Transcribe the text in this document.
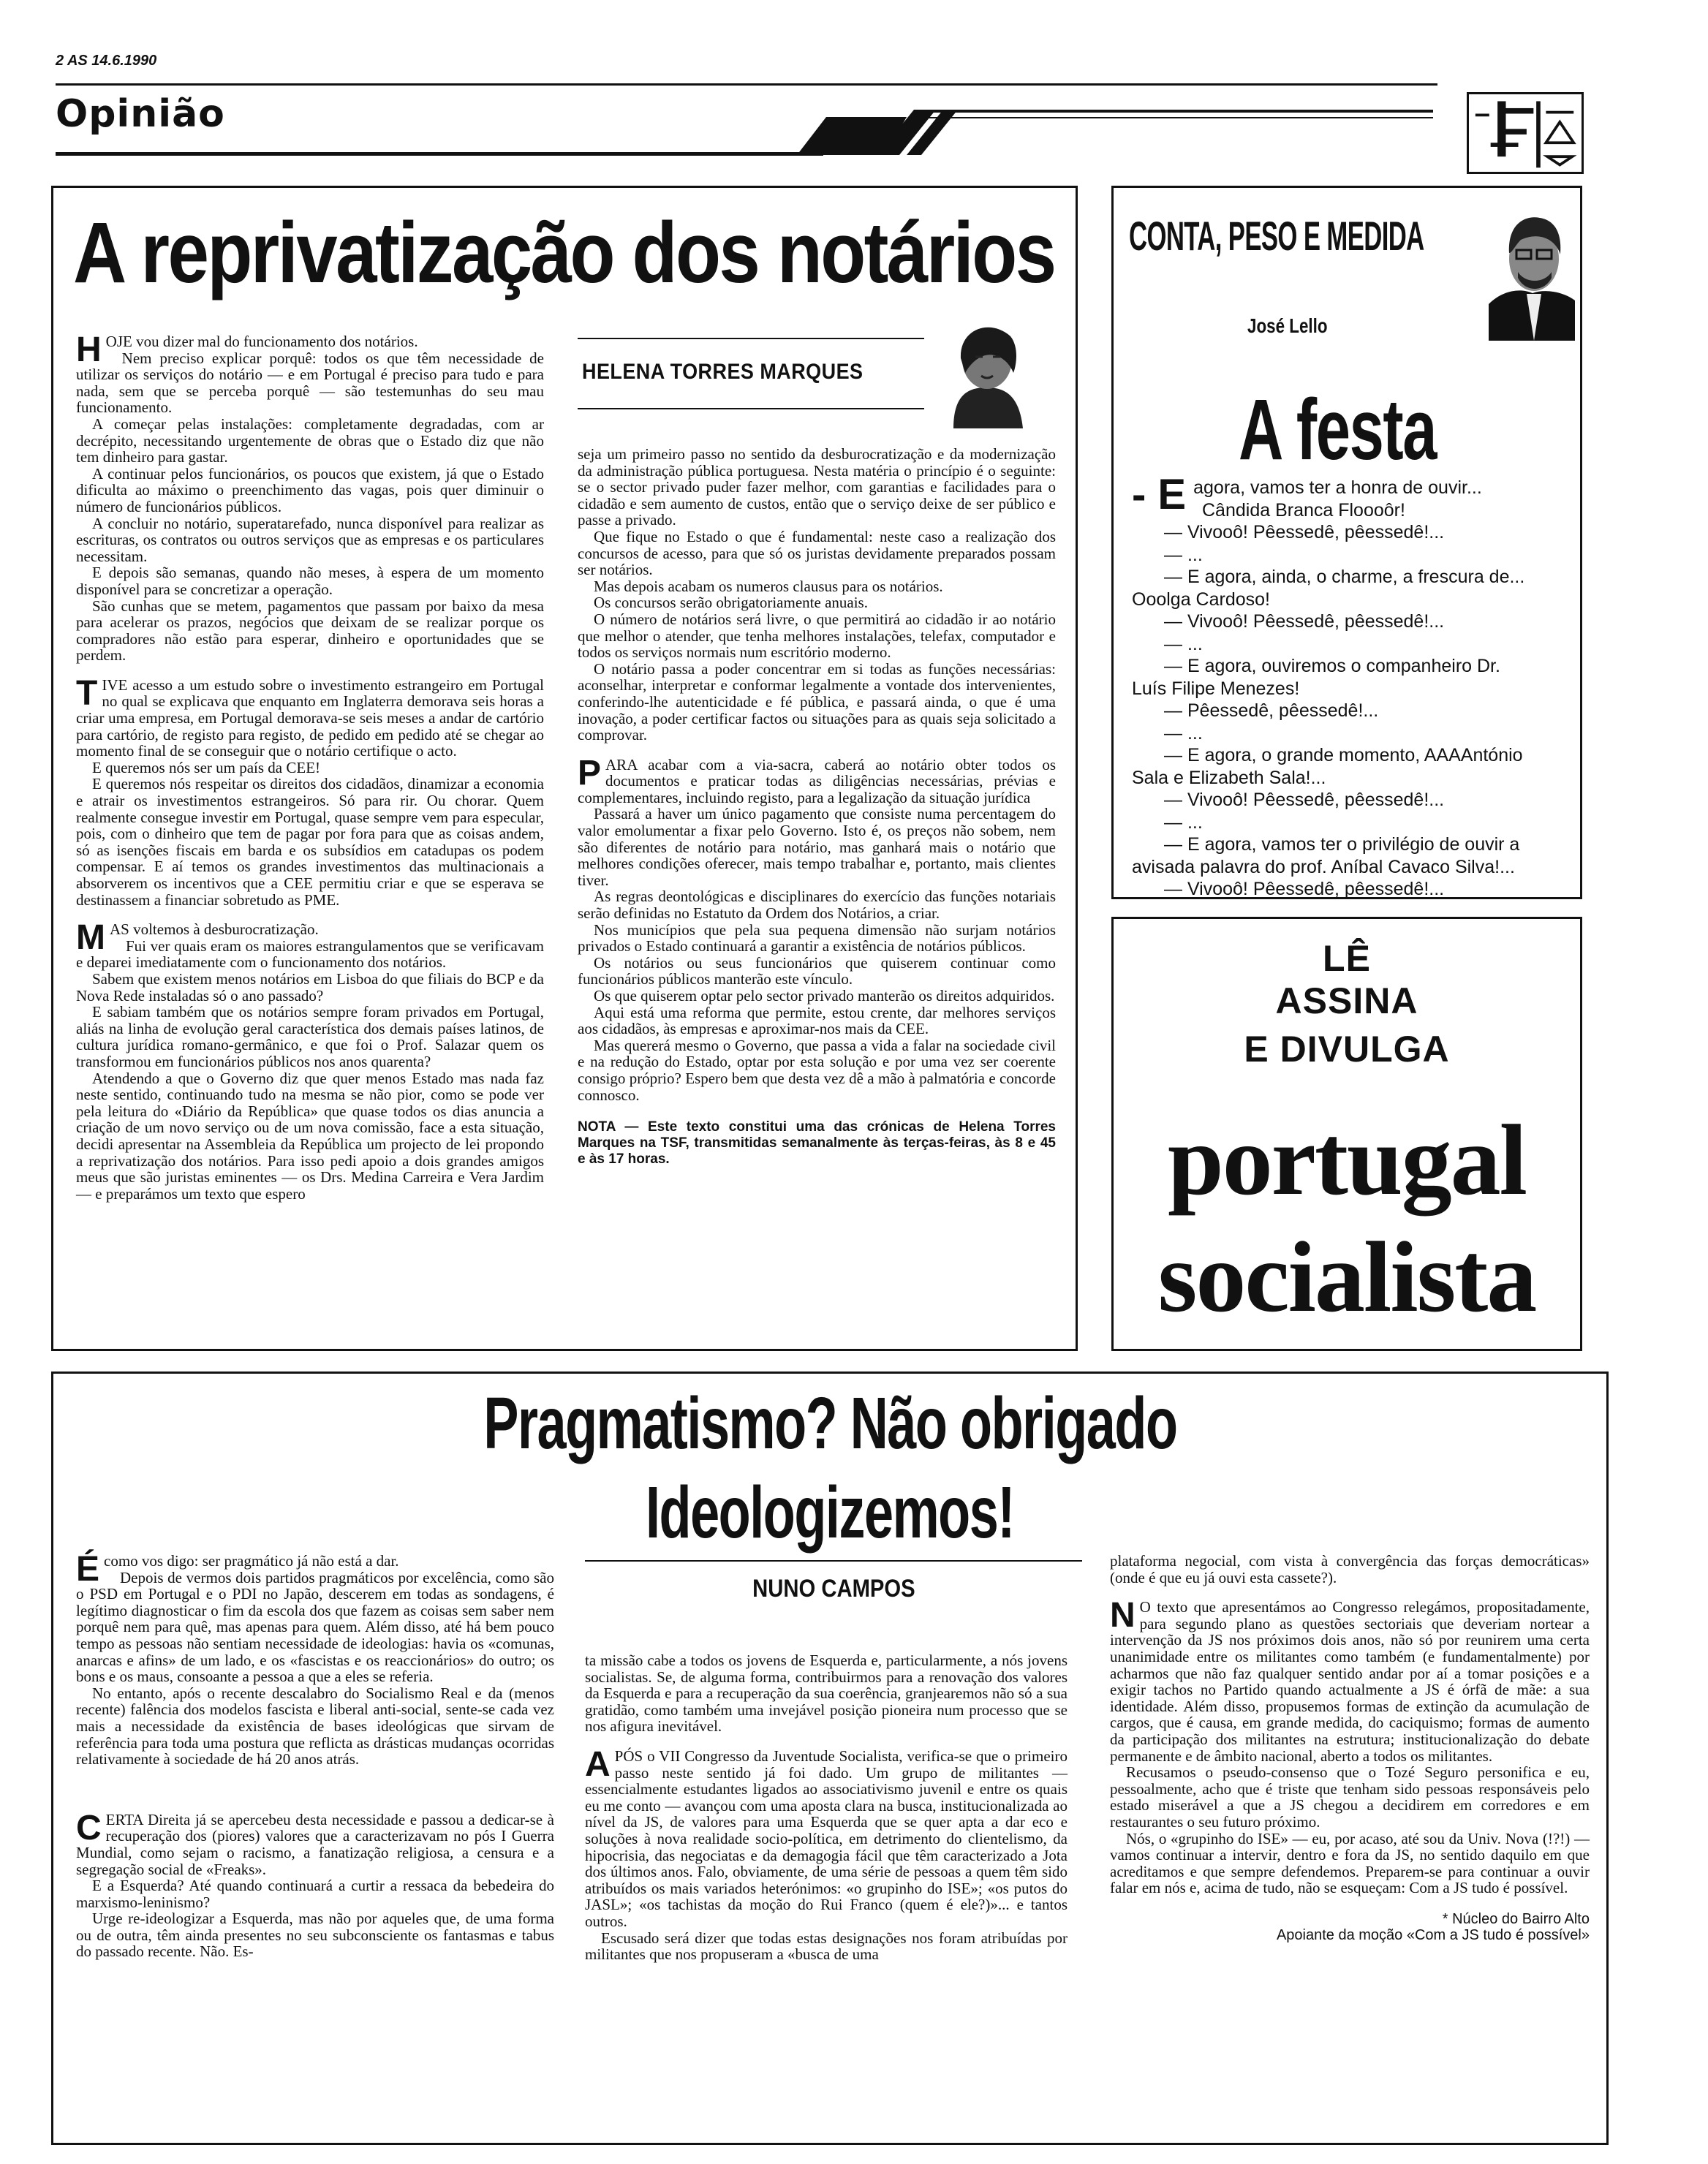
2 AS 14.6.1990
Opinião
A reprivatização dos notários

HOJE vou dizer mal do funcionamento dos notários.

Nem preciso explicar porquê: todos os que têm necessidade de utilizar os serviços do notário — e em Portugal é preciso para tudo e para nada, sem que se perceba porquê — são testemunhas do seu mau funcionamento.

A começar pelas instalações: completamente degradadas, com ar decrépito, necessitando urgentemente de obras que o Estado diz que não tem dinheiro para gastar.

A continuar pelos funcionários, os poucos que existem, já que o Estado dificulta ao máximo o preenchimento das vagas, pois quer diminuir o número de funcionários públicos.

A concluir no notário, superatarefado, nunca disponível para realizar as escrituras, os contratos ou outros serviços que as empresas e os particulares necessitam.

E depois são semanas, quando não meses, à espera de um momento disponível para se concretizar a operação.

São cunhas que se metem, pagamentos que passam por baixo da mesa para acelerar os prazos, negócios que deixam de se realizar porque os compradores não estão para esperar, dinheiro e oportunidades que se perdem.

TIVE acesso a um estudo sobre o investimento estrangeiro em Portugal no qual se explicava que enquanto em Inglaterra demorava seis horas a criar uma empresa, em Portugal demorava-se seis meses a andar de cartório para cartório, de registo para registo, de pedido em pedido até se chegar ao momento final de se conseguir que o notário certifique o acto.

E queremos nós ser um país da CEE!

E queremos nós respeitar os direitos dos cidadãos, dinamizar a economia e atrair os investimentos estrangeiros. Só para rir. Ou chorar. Quem realmente consegue investir em Portugal, quase sempre vem para especular, pois, com o dinheiro que tem de pagar por fora para que as coisas andem, só as isenções fiscais em barda e os subsídios em catadupas os podem compensar. E aí temos os grandes investimentos das multinacionais a absorverem os incentivos que a CEE permitiu criar e que se esperava se destinassem a financiar sobretudo as PME.

MAS voltemos à desburocratização.

Fui ver quais eram os maiores estrangulamentos que se verificavam e deparei imediatamente com o funcionamento dos notários.

Sabem que existem menos notários em Lisboa do que filiais do BCP e da Nova Rede instaladas só o ano passado?

E sabiam também que os notários sempre foram privados em Portugal, aliás na linha de evolução geral característica dos demais países latinos, de cultura jurídica romano-germânico, e que foi o Prof. Salazar quem os transformou em funcionários públicos nos anos quarenta?

Atendendo a que o Governo diz que quer menos Estado mas nada faz neste sentido, continuando tudo na mesma se não pior, como se pode ver pela leitura do «Diário da República» que quase todos os dias anuncia a criação de um novo serviço ou de um nova comissão, face a esta situação, decidi apresentar na Assembleia da República um projecto de lei propondo a reprivatização dos notários. Para isso pedi apoio a dois grandes amigos meus que são juristas eminentes — os Drs. Medina Carreira e Vera Jardim — e preparámos um texto que espero

HELENA TORRES MARQUES

seja um primeiro passo no sentido da desburocratização e da modernização da administração pública portuguesa. Nesta matéria o princípio é o seguinte: se o sector privado puder fazer melhor, com garantias e facilidades para o cidadão e sem aumento de custos, então que o serviço deixe de ser público e passe a privado.

Que fique no Estado o que é fundamental: neste caso a realização dos concursos de acesso, para que só os juristas devidamente preparados possam ser notários.

Mas depois acabam os numeros clausus para os notários.

Os concursos serão obrigatoriamente anuais.

O número de notários será livre, o que permitirá ao cidadão ir ao notário que melhor o atender, que tenha melhores instalações, telefax, computador e todos os serviços normais num escritório moderno.

O notário passa a poder concentrar em si todas as funções necessárias: aconselhar, interpretar e conformar legalmente a vontade dos intervenientes, conferindo-lhe autenticidade e fé pública, e passará ainda, o que é uma inovação, a poder certificar factos ou situações para as quais seja solicitado a comprovar.

PARA acabar com a via-sacra, caberá ao notário obter todos os documentos e praticar todas as diligências necessárias, prévias e complementares, incluindo registo, para a legalização da situação jurídica

Passará a haver um único pagamento que consiste numa percentagem do valor emolumentar a fixar pelo Governo. Isto é, os preços não sobem, nem são diferentes de notário para notário, mas ganhará mais o notário que melhores condições oferecer, mais tempo trabalhar e, portanto, mais clientes tiver.

As regras deontológicas e disciplinares do exercício das funções notariais serão definidas no Estatuto da Ordem dos Notários, a criar.

Nos municípios que pela sua pequena dimensão não surjam notários privados o Estado continuará a garantir a existência de notários públicos.

Os notários ou seus funcionários que quiserem continuar como funcionários públicos manterão este vínculo.

Os que quiserem optar pelo sector privado manterão os direitos adquiridos.

Aqui está uma reforma que permite, estou crente, dar melhores serviços aos cidadãos, às empresas e aproximar-nos mais da CEE.

Mas quererá mesmo o Governo, que passa a vida a falar na sociedade civil e na redução do Estado, optar por esta solução e por uma vez ser coerente consigo próprio? Espero bem que desta vez dê a mão à palmatória e concorde connosco.

NOTA — Este texto constitui uma das crónicas de Helena Torres Marques na TSF, transmitidas semanalmente às terças-feiras, às 8 e 45 e às 17 horas.

CONTA, PESO E MEDIDA
José Lello
A festa
- E agora, vamos ter a honra de ouvir...
Cândida Branca Floooôr!
— Vivooô! Pêessedê, pêessedê!...
— ...
— E agora, ainda, o charme, a frescura de...
Ooolga Cardoso!
— Vivooô! Pêessedê, pêessedê!...
— ...
— E agora, ouviremos o companheiro Dr.
Luís Filipe Menezes!
— Pêessedê, pêessedê!...
— ...
— E agora, o grande momento, AAAAntónio
Sala e Elizabeth Sala!...
— Vivooô! Pêessedê, pêessedê!...
— ...
— E agora, vamos ter o privilégio de ouvir a
avisada palavra do prof. Aníbal Cavaco Silva!...
— Vivooô! Pêessedê, pêessedê!...
LÊ
ASSINA
E DIVULGA
portugal
socialista
Pragmatismo? Não obrigado
Ideologizemos!

É como vos digo: ser pragmático já não está a dar.

Depois de vermos dois partidos pragmáticos por excelência, como são o PSD em Portugal e o PDI no Japão, descerem em todas as sondagens, é legítimo diagnosticar o fim da escola dos que fazem as coisas sem saber nem porquê nem para quê, mas apenas para quem. Além disso, até há bem pouco tempo as pessoas não sentiam necessidade de ideologias: havia os «comunas, anarcas e afins» de um lado, e os «fascistas e os reaccionários» do outro; os bons e os maus, consoante a pessoa a que a eles se referia.

No entanto, após o recente descalabro do Socialismo Real e da (menos recente) falência dos modelos fascista e liberal anti-social, sente-se cada vez mais a necessidade da existência de bases ideológicas que sirvam de referência para toda uma postura que reflicta as drásticas mudanças ocorridas relativamente à sociedade de há 20 anos atrás.

CERTA Direita já se apercebeu desta necessidade e passou a dedicar-se à recuperação dos (piores) valores que a caracterizavam no pós I Guerra Mundial, como sejam o racismo, a fanatização religiosa, a censura e a segregação social de «Freaks».

E a Esquerda? Até quando continuará a curtir a ressaca da bebedeira do marxismo-leninismo?

Urge re-ideologizar a Esquerda, mas não por aqueles que, de uma forma ou de outra, têm ainda presentes no seu subconsciente os fantasmas e tabus do passado recente. Não. Es-

NUNO CAMPOS

ta missão cabe a todos os jovens de Esquerda e, particularmente, a nós jovens socialistas. Se, de alguma forma, contribuirmos para a renovação dos valores da Esquerda e para a recuperação da sua coerência, granjearemos não só a sua gratidão, como também uma invejável posição pioneira num processo que se nos afigura inevitável.

APÓS o VII Congresso da Juventude Socialista, verifica-se que o primeiro passo neste sentido já foi dado. Um grupo de militantes — essencialmente estudantes ligados ao associativismo juvenil e entre os quais eu me conto — avançou com uma aposta clara na busca, institucionalizada ao nível da JS, de valores para uma Esquerda que se quer apta a dar eco e soluções à nova realidade socio-política, em detrimento do clientelismo, da hipocrisia, das negociatas e da demagogia fácil que têm caracterizado a Jota dos últimos anos. Falo, obviamente, de uma série de pessoas a quem têm sido atribuídos os mais variados heterónimos: «o grupinho do ISE»; «os putos do JASL»; «os tachistas da moção do Rui Franco (quem é ele?)»... e tantos outros.

Escusado será dizer que todas estas designações nos foram atribuídas por militantes que nos propuseram a «busca de uma

plataforma negocial, com vista à convergência das forças democráticas» (onde é que eu já ouvi esta cassete?).

N O texto que apresentámos ao Congresso relegámos, propositadamente, para segundo plano as questões sectoriais que deveriam nortear a intervenção da JS nos próximos dois anos, não só por reunirem uma certa unanimidade entre os militantes como também (e fundamentalmente) por acharmos que não faz qualquer sentido andar por aí a tomar posições e a exigir tachos no Partido quando actualmente a JS é órfã de mãe: a sua identidade. Além disso, propusemos formas de extinção da acumulação de cargos, que é causa, em grande medida, do caciquismo; formas de aumento da participação dos militantes na estrutura; institucionalização do debate permanente e de âmbito nacional, aberto a todos os militantes.

Recusamos o pseudo-consenso que o Tozé Seguro personifica e eu, pessoalmente, acho que é triste que tenham sido pessoas responsáveis pelo estado miserável a que a JS chegou a decidirem em corredores e em restaurantes o seu futuro próximo.

Nós, o «grupinho do ISE» — eu, por acaso, até sou da Univ. Nova (!?!) — vamos continuar a intervir, dentro e fora da JS, no sentido daquilo em que acreditamos e que sempre defendemos. Preparem-se para continuar a ouvir falar em nós e, acima de tudo, não se esqueçam: Com a JS tudo é possível.

* Núcleo do Bairro Alto

Apoiante da moção «Com a JS tudo é possível»
